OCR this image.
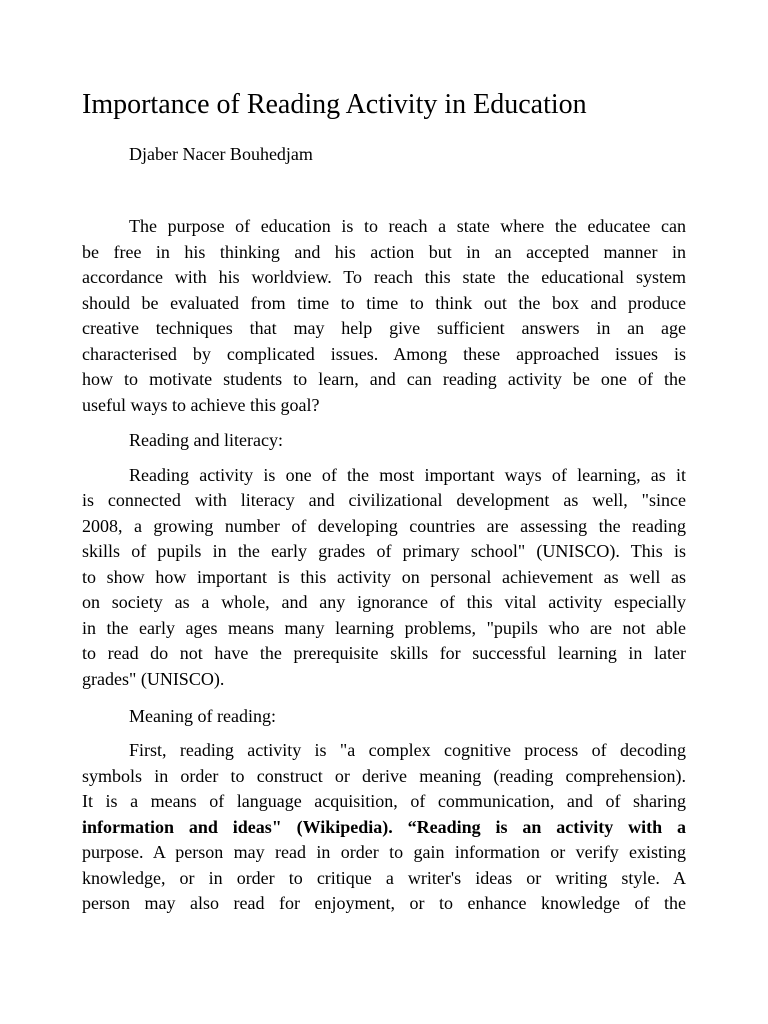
Importance of Reading Activity in Education

Djaber Nacer Bouhedjam

The purpose of education is to reach a state where the educatee can
be free in his thinking and his action but in an accepted manner in
accordance with his worldview. To reach this state the educational system
should be evaluated from time to time to think out the box and produce
creative techniques that may help give sufficient answers in an age
characterised by complicated issues. Among these approached issues is
how to motivate students to learn, and can reading activity be one of the
useful ways to achieve this goal?
Reading and literacy:
Reading activity is one of the most important ways of learning, as it
is connected with literacy and civilizational development as well, "since
2008, a growing number of developing countries are assessing the reading
skills of pupils in the early grades of primary school" (UNISCO). This is
to show how important is this activity on personal achievement as well as
on society as a whole, and any ignorance of this vital activity especially
in the early ages means many learning problems, "pupils who are not able
to read do not have the prerequisite skills for successful learning in later
grades" (UNISCO).
Meaning of reading:
First, reading activity is "a complex cognitive process of decoding
symbols in order to construct or derive meaning (reading comprehension).
It is a means of language acquisition, of communication, and of sharing
information and ideas" (Wikipedia). “Reading is an activity with a
purpose. A person may read in order to gain information or verify existing
knowledge, or in order to critique a writer's ideas or writing style. A
person may also read for enjoyment, or to enhance knowledge of the
